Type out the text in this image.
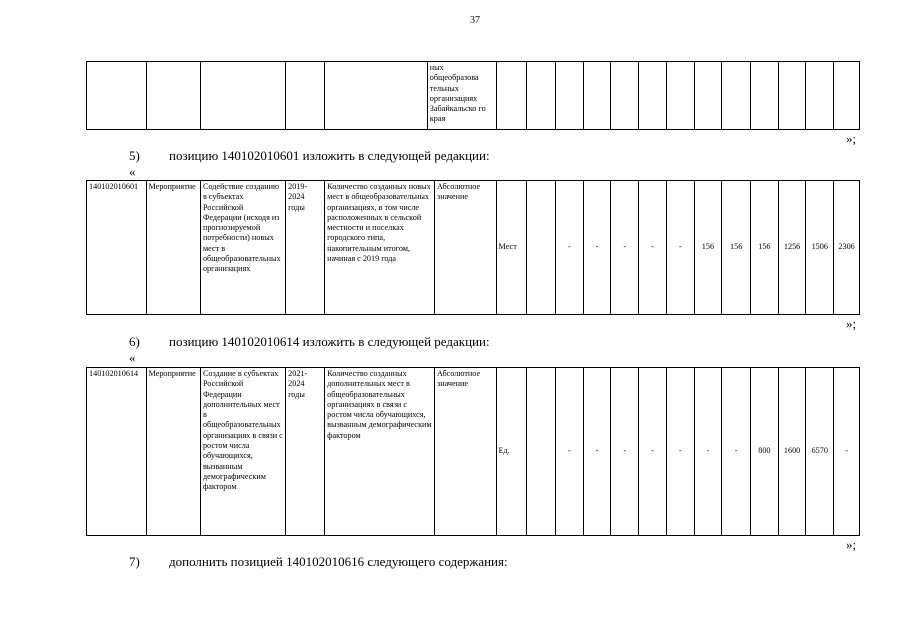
37
					ных общеобразова тельных организациях Забайкальско го края													
»;
5) позицию 140102010601 изложить в следующей редакции:
«
140102010601	Мероприятие	Содействие созданию в субъектах Российской Федерации (исходя из прогнозируемой потребности) новых мест в общеобразовательных организациях	2019-2024 годы	Количество созданных новых мест в общеобразовательных организациях, в том числе расположенных в сельской местности и поселках городского типа, накопительным итогом, начиная с 2019 года	Абсолютное значение	Мест		-	-	-	-	-	156	156	156	1256	1506	2306
»;
6) позицию 140102010614 изложить в следующей редакции:
«
140102010614	Мероприятие	Создание в субъектах Российской Федерации дополнительных мест в общеобразовательных организациях в связи с ростом числа обучающихся, вызванным демографическим фактором	2021-2024 годы	Количество созданных дополнительных мест в общеобразовательных организациях в связи с ростом числа обучающихся, вызванным демографическим фактором	Абсолютное значение	Ед.		-	-	-	-	-	-	-	800	1600	6570	-
»;
7) дополнить позицией 140102010616 следующего содержания:
